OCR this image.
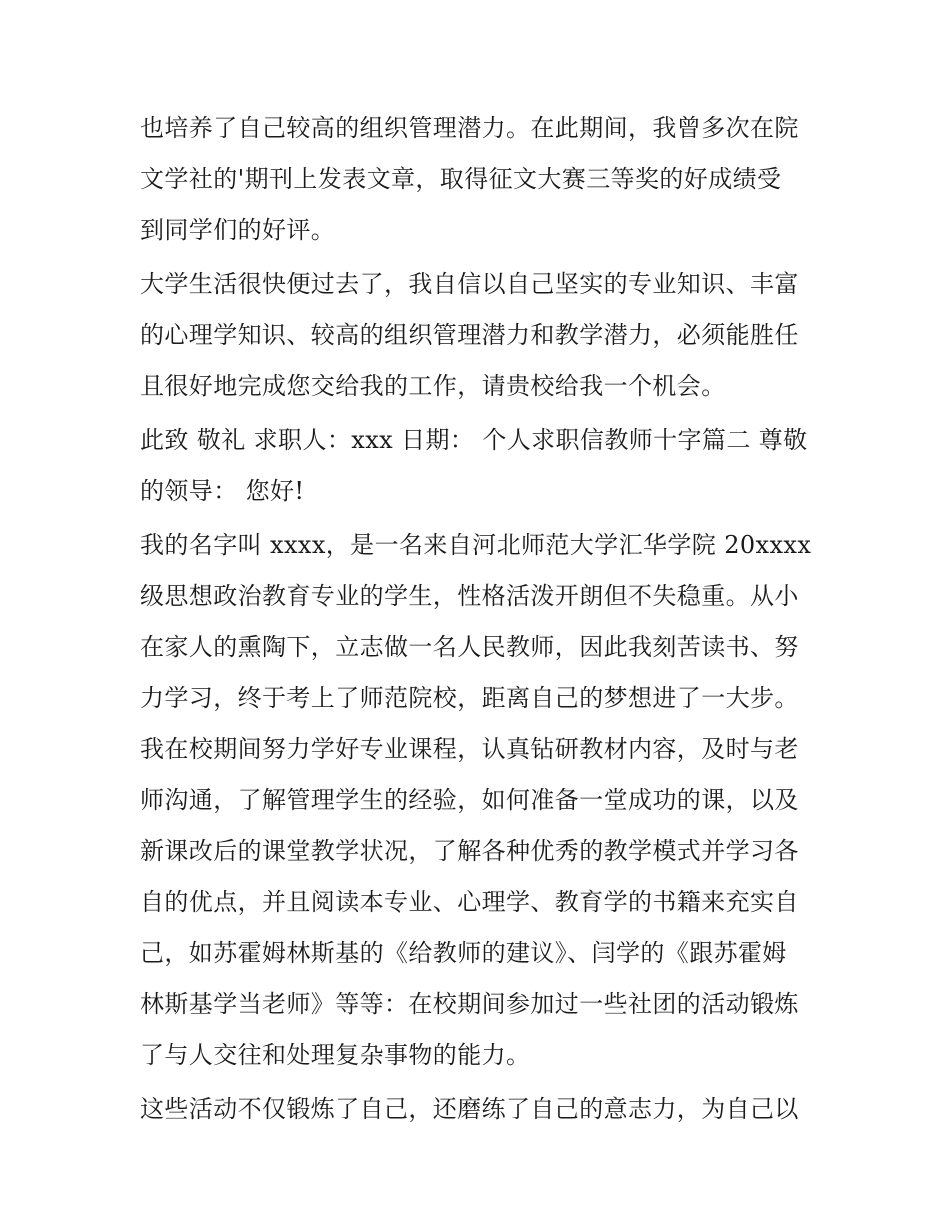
也培养了自己较高的组织管理潜力。在此期间，我曾多次在院
文学社的'期刊上发表文章，取得征文大赛三等奖的好成绩受
到同学们的好评。
大学生活很快便过去了，我自信以自己坚实的专业知识、丰富
的心理学知识、较高的组织管理潜力和教学潜力，必须能胜任
且很好地完成您交给我的工作，请贵校给我一个机会。
此致 敬礼 求职人：xxx 日期： 个人求职信教师十字篇二 尊敬
的领导： 您好!
我的名字叫 xxxx，是一名来自河北师范大学汇华学院 20xxxx
级思想政治教育专业的学生，性格活泼开朗但不失稳重。从小
在家人的熏陶下，立志做一名人民教师，因此我刻苦读书、努
力学习，终于考上了师范院校，距离自己的梦想进了一大步。
我在校期间努力学好专业课程，认真钻研教材内容，及时与老
师沟通，了解管理学生的经验，如何准备一堂成功的课，以及
新课改后的课堂教学状况，了解各种优秀的教学模式并学习各
自的优点，并且阅读本专业、心理学、教育学的书籍来充实自
己，如苏霍姆林斯基的《给教师的建议》、闫学的《跟苏霍姆
林斯基学当老师》等等：在校期间参加过一些社团的活动锻炼
了与人交往和处理复杂事物的能力。
这些活动不仅锻炼了自己，还磨练了自己的意志力，为自己以
